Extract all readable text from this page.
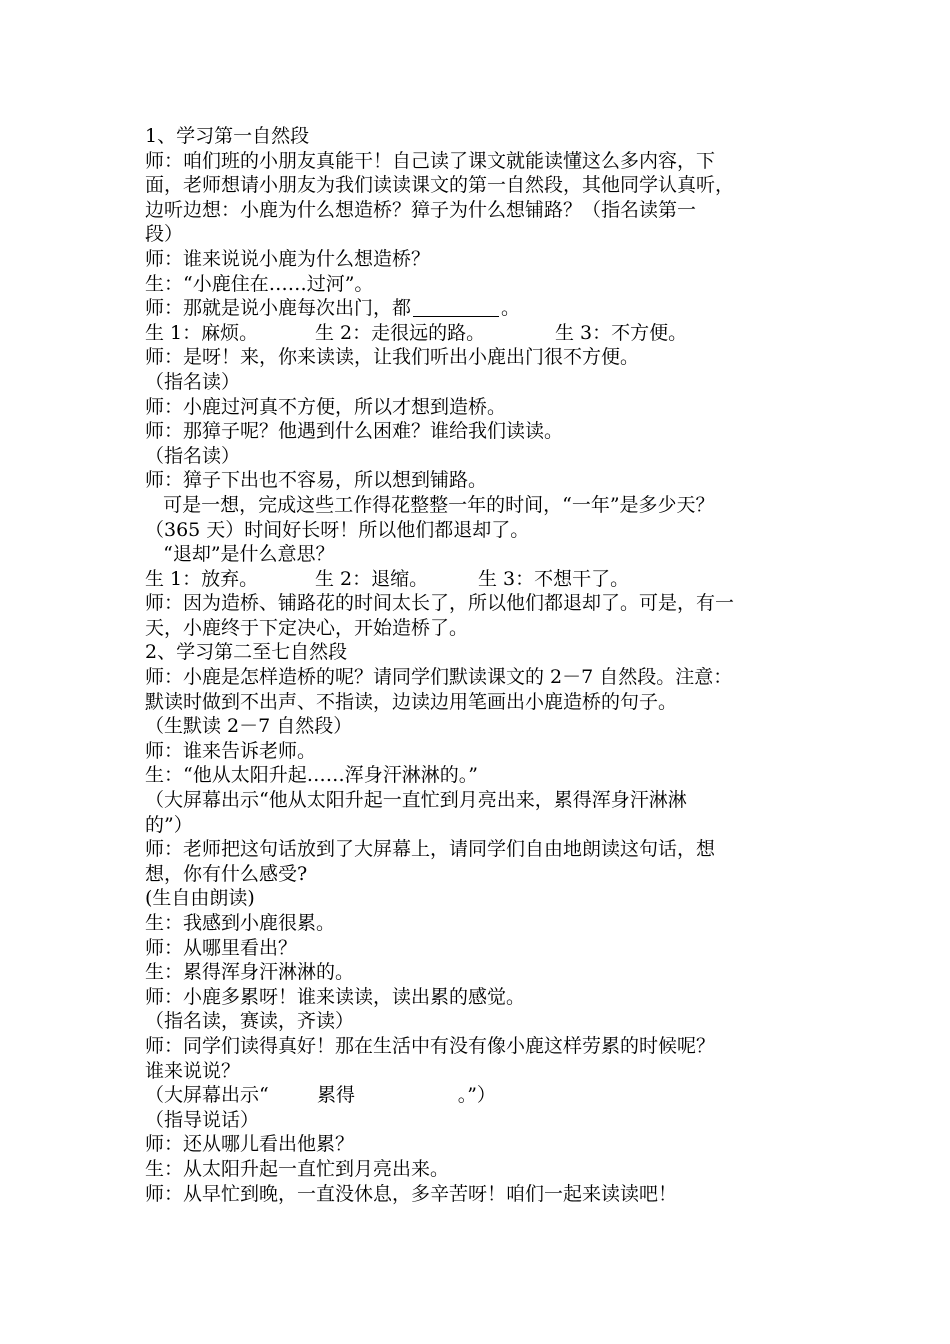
1、学习第一自然段
师：咱们班的小朋友真能干！自己读了课文就能读懂这么多内容，下
面，老师想请小朋友为我们读读课文的第一自然段，其他同学认真听，
边听边想：小鹿为什么想造桥？獐子为什么想铺路？（指名读第一
段）
师：谁来说说小鹿为什么想造桥？
生：“小鹿住在……过河”。
师：那就是说小鹿每次出门，都	。
生 1：麻烦。	生 2：走很远的路。	生 3：不方便。
师：是呀！来，你来读读，让我们听出小鹿出门很不方便。
（指名读）
师：小鹿过河真不方便，所以才想到造桥。
师：那獐子呢？他遇到什么困难？谁给我们读读。
（指名读）
师：獐子下出也不容易，所以想到铺路。
可是一想，完成这些工作得花整整一年的时间，“一年”是多少天？
（365 天）时间好长呀！所以他们都退却了。
“退却”是什么意思？
生 1：放弃。	生 2：退缩。	生 3：不想干了。
师：因为造桥、铺路花的时间太长了，所以他们都退却了。可是，有一
天，小鹿终于下定决心，开始造桥了。
2、学习第二至七自然段
师：小鹿是怎样造桥的呢？请同学们默读课文的 2－7 自然段。注意：
默读时做到不出声、不指读，边读边用笔画出小鹿造桥的句子。
（生默读 2－7 自然段）
师：谁来告诉老师。
生：“他从太阳升起……浑身汗淋淋的。”
（大屏幕出示“他从太阳升起一直忙到月亮出来，累得浑身汗淋淋
的”）
师：老师把这句话放到了大屏幕上，请同学们自由地朗读这句话，想
想，你有什么感受?
(生自由朗读)
生：我感到小鹿很累。
师：从哪里看出？
生：累得浑身汗淋淋的。
师：小鹿多累呀！谁来读读，读出累的感觉。
（指名读，赛读，齐读）
师：同学们读得真好！那在生活中有没有像小鹿这样劳累的时候呢？
谁来说说？
（大屏幕出示“        累得                 。”）
（指导说话）
师：还从哪儿看出他累？
生：从太阳升起一直忙到月亮出来。
师：从早忙到晚，一直没休息，多辛苦呀！咱们一起来读读吧！
